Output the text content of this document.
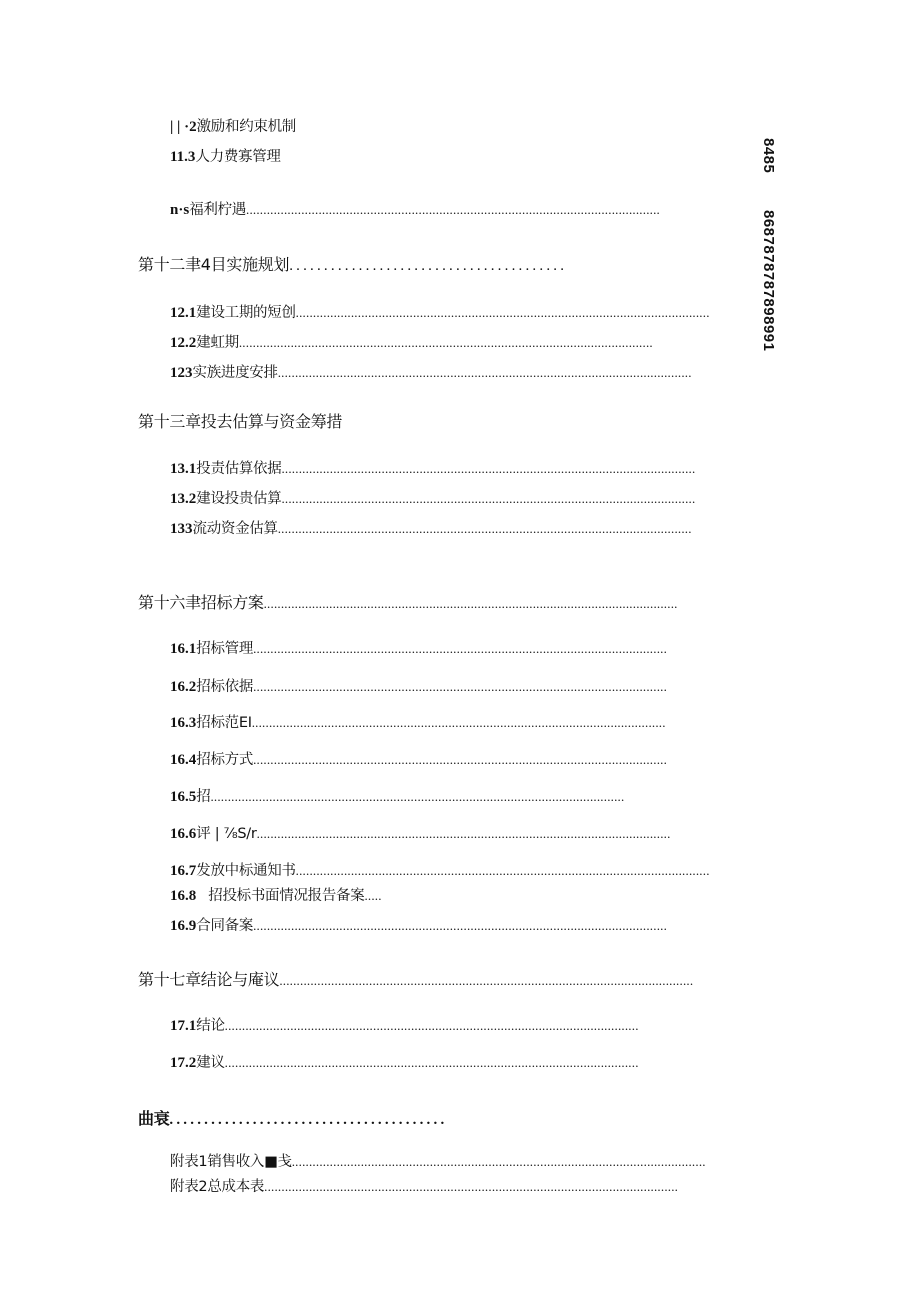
| | ·2 激励和约束机制
11.3 人力费寡管理
n·s 福利柠遇 ........................................................................................................................
第十二聿4目实施规划 ........................................
12.1 建设工期的短创 ........................................................................................................................
12.2 建虹期 ........................................................................................................................
123 实族进度安排 ........................................................................................................................
第十三章投去估算与资金筹措
13.1 投责估算依据 ........................................................................................................................
13.2 建设投贵估算 ........................................................................................................................
133 流动资金估算 ........................................................................................................................
第十六聿招标方案 ........................................................................................................................
16.1 招标管理 ........................................................................................................................
16.2 招标依据 ........................................................................................................................
16.3 招标范EI ........................................................................................................................
16.4 招标方式 ........................................................................................................................
16.5 招 ........................................................................................................................
16.6 评 | ⅞S/r ........................................................................................................................
16.7 发放中标通知书 ........................................................................................................................
16.8 招投标书面情况报告备案 .....
16.9 合同备案 ........................................................................................................................
第十七章结论与庵议 ........................................................................................................................
17.1 结论 ........................................................................................................................
17.2 建议 ........................................................................................................................
曲衰 ........................................
附表1销售收入■戋 ........................................................................................................................
附表2总成本表 ........................................................................................................................
8485
8687878787898991
